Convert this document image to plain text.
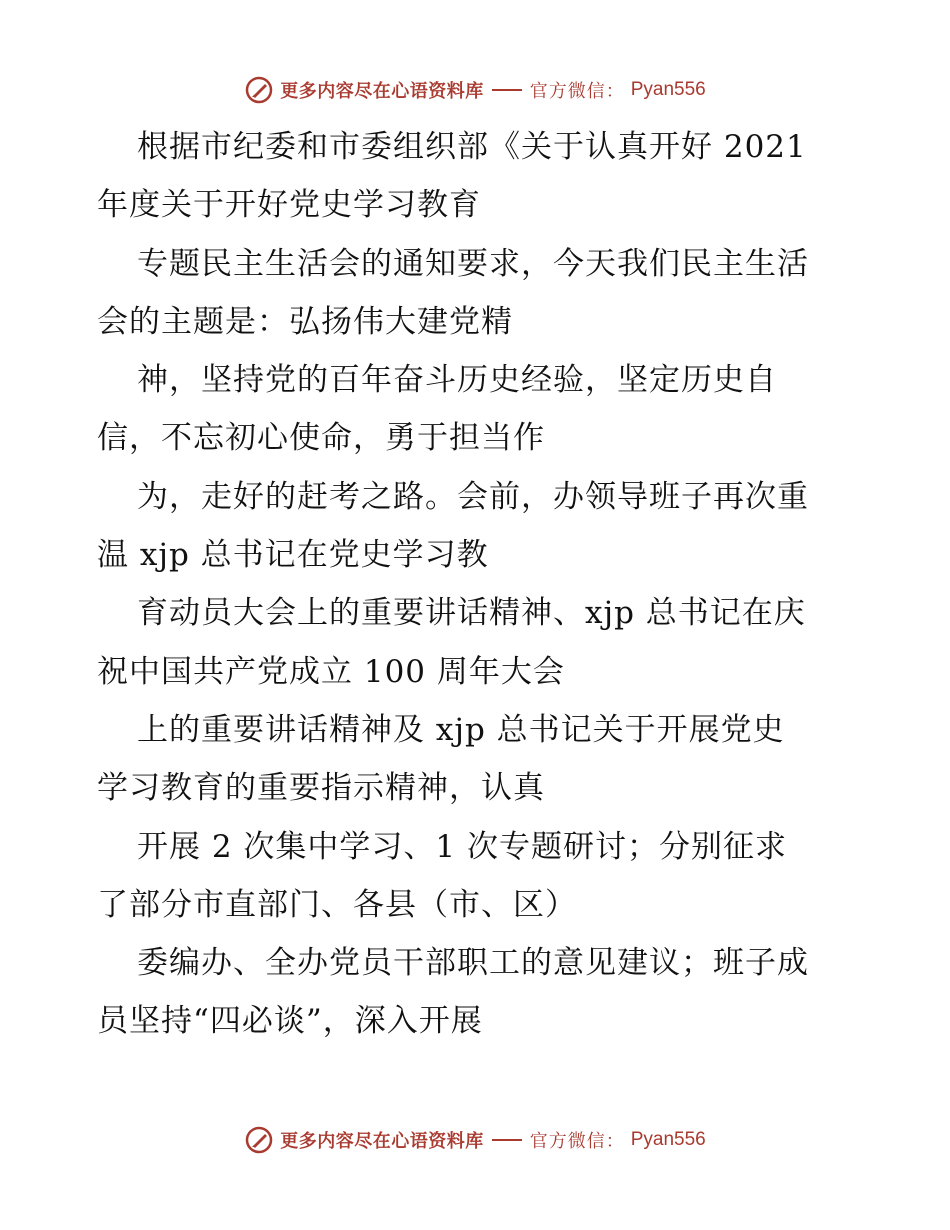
更多内容尽在心语资料库	官方微信： Pyan556
根据市纪委和市委组织部《关于认真开好 2021
年度关于开好党史学习教育
专题民主生活会的通知要求，今天我们民主生活
会的主题是：弘扬伟大建党精
神，坚持党的百年奋斗历史经验，坚定历史自
信，不忘初心使命，勇于担当作
为，走好的赶考之路。会前，办领导班子再次重
温 xjp 总书记在党史学习教
育动员大会上的重要讲话精神、xjp 总书记在庆
祝中国共产党成立 100 周年大会
上的重要讲话精神及 xjp 总书记关于开展党史
学习教育的重要指示精神，认真
开展 2 次集中学习、1 次专题研讨；分别征求
了部分市直部门、各县（市、区）
委编办、全办党员干部职工的意见建议；班子成
员坚持“四必谈”，深入开展
更多内容尽在心语资料库	官方微信： Pyan556
